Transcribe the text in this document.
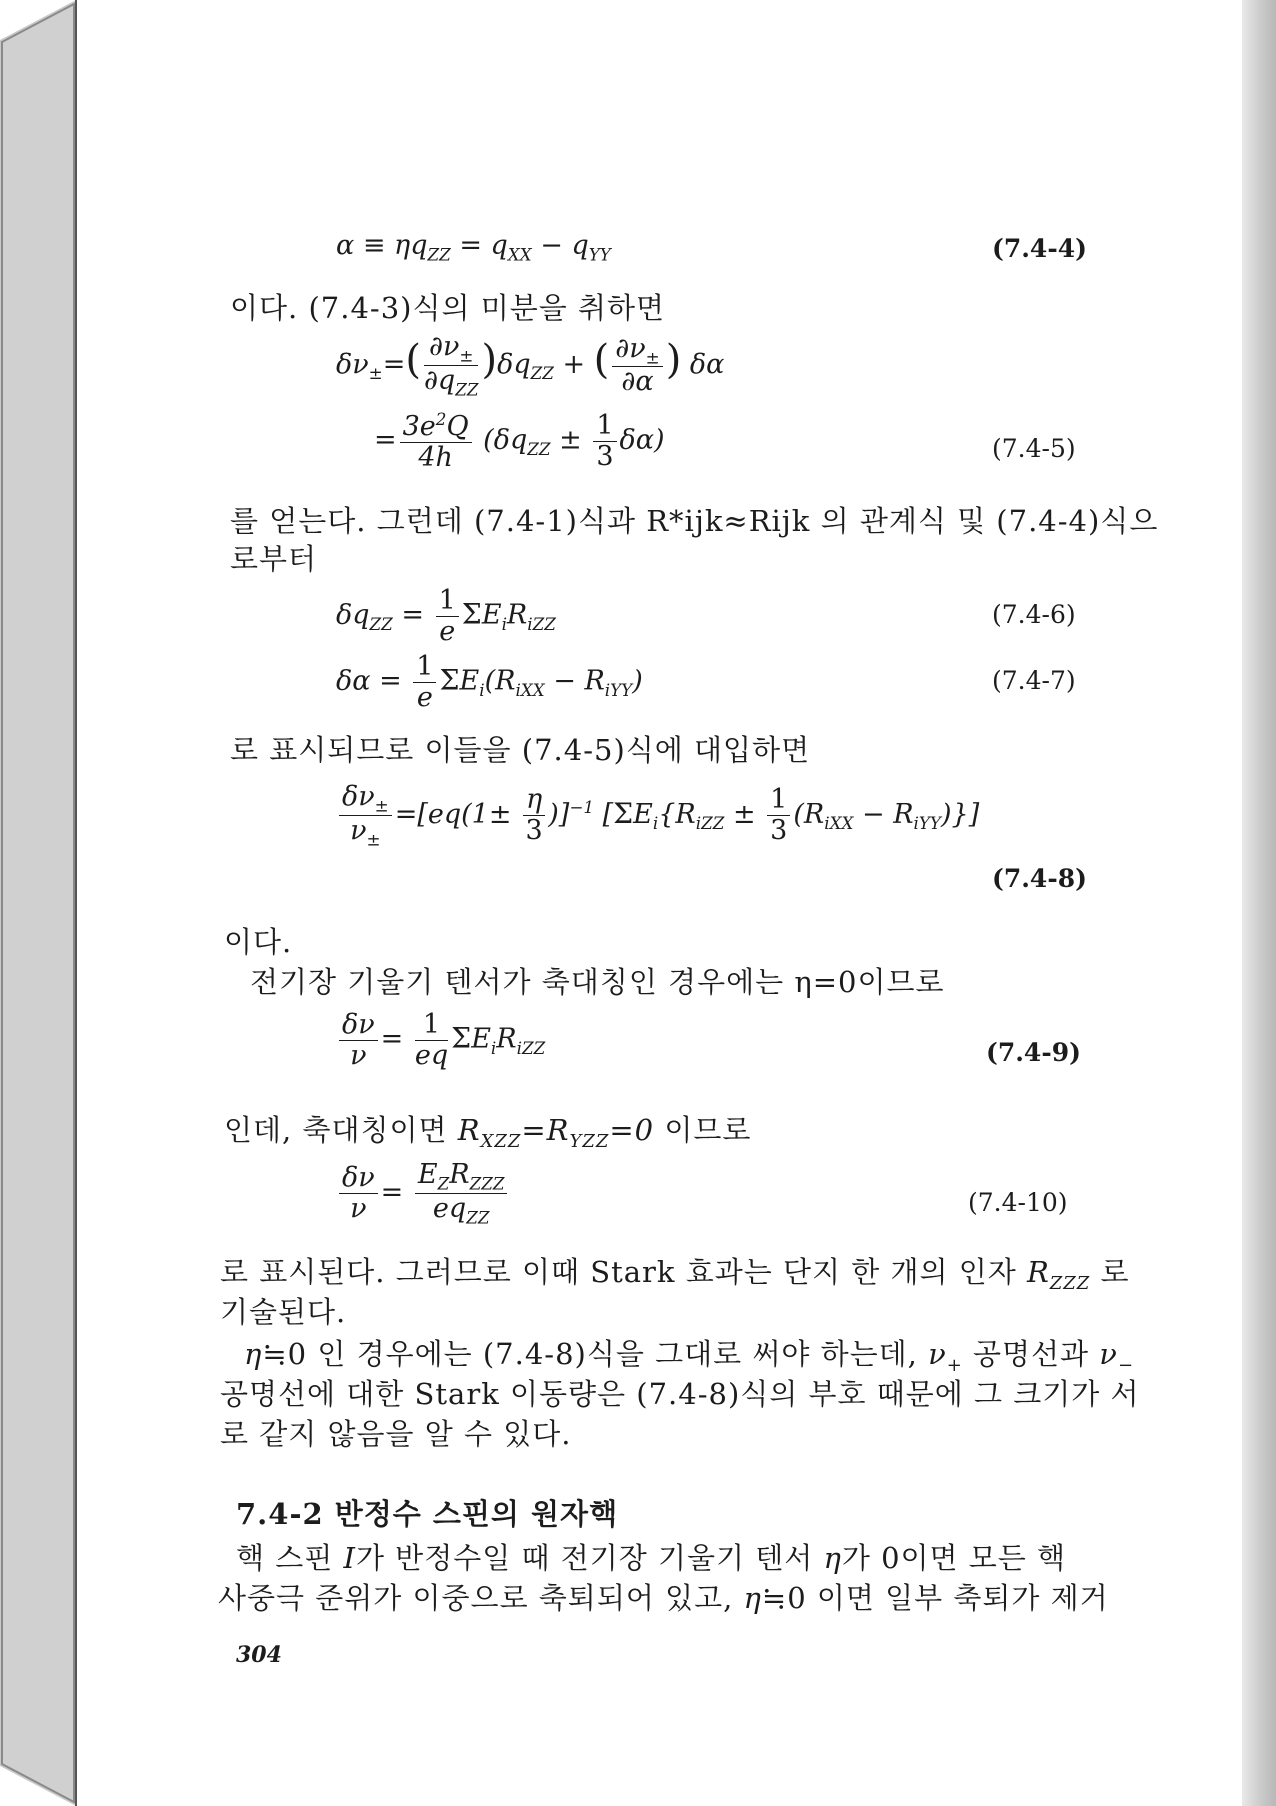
$\alpha \equiv \eta q_{ZZ} = q_{XX} - q_{YY}$	(7.4-4)
이다. (7.4-3)식의 미분을 취하면
$\delta\nu_\pm=( \frac{\partial\nu_\pm}{\partial q_{ZZ}} )\delta q_{ZZ}$ + ( $\frac{\partial\nu_\pm}{\partial\alpha}$ ) δα
= $\frac{3e^2Q}{4h} (\delta q_{ZZ} \pm \frac{1}{3} \delta\alpha)$	(7.4-5)
를 얻는다. 그런데 (7.4-1)식과 R*ijk≈Rijk 의 관계식 및 (7.4-4)식으
로부터
$\delta q_{ZZ} = \frac{1}{e} \Sigma E_iR_{iZZ}$	(7.4-6)
$\delta\alpha = \frac{1}{e} \Sigma E_i(R_{iXX} - R_{iYY})$	(7.4-7)
로 표시되므로 이들을 (7.4-5)식에 대입하면
$\frac{\delta\nu_\pm}{\nu_\pm} =[eq(1\pm \frac{\eta}{3} )]^{-1}$ $[\Sigma E_i\{R_{iZZ} \pm \frac{1}{3} (R_{iXX} - R_{iYY})\}]$
(7.4-8)
이다.
전기장 기울기 텐서가 축대칭인 경우에는 η=0이므로
$\frac{\delta\nu}{\nu} = \frac{1}{eq} \Sigma E_iR_{iZZ}$	(7.4-9)
인데, 축대칭이면 $R_{XZZ}=R_{YZZ}=0$ 이므로
$\frac{\delta\nu}{\nu} = \frac{E_ZR_{ZZZ}}{eq_{ZZ}}$	(7.4-10)
로 표시된다. 그러므로 이때 Stark 효과는 단지 한 개의 인자 $R_{ZZZ}$ 로
기술된다.
η≒0 인 경우에는 (7.4-8)식을 그대로 써야 하는데, $\nu_+$ 공명선과 $\nu_-$
공명선에 대한 Stark 이동량은 (7.4-8)식의 부호 때문에 그 크기가 서
로 같지 않음을 알 수 있다.
7.4-2 반정수 스핀의 원자핵
핵 스핀 I가 반정수일 때 전기장 기울기 텐서 η가 0이면 모든 핵
사중극 준위가 이중으로 축퇴되어 있고, η≒0 이면 일부 축퇴가 제거
304
